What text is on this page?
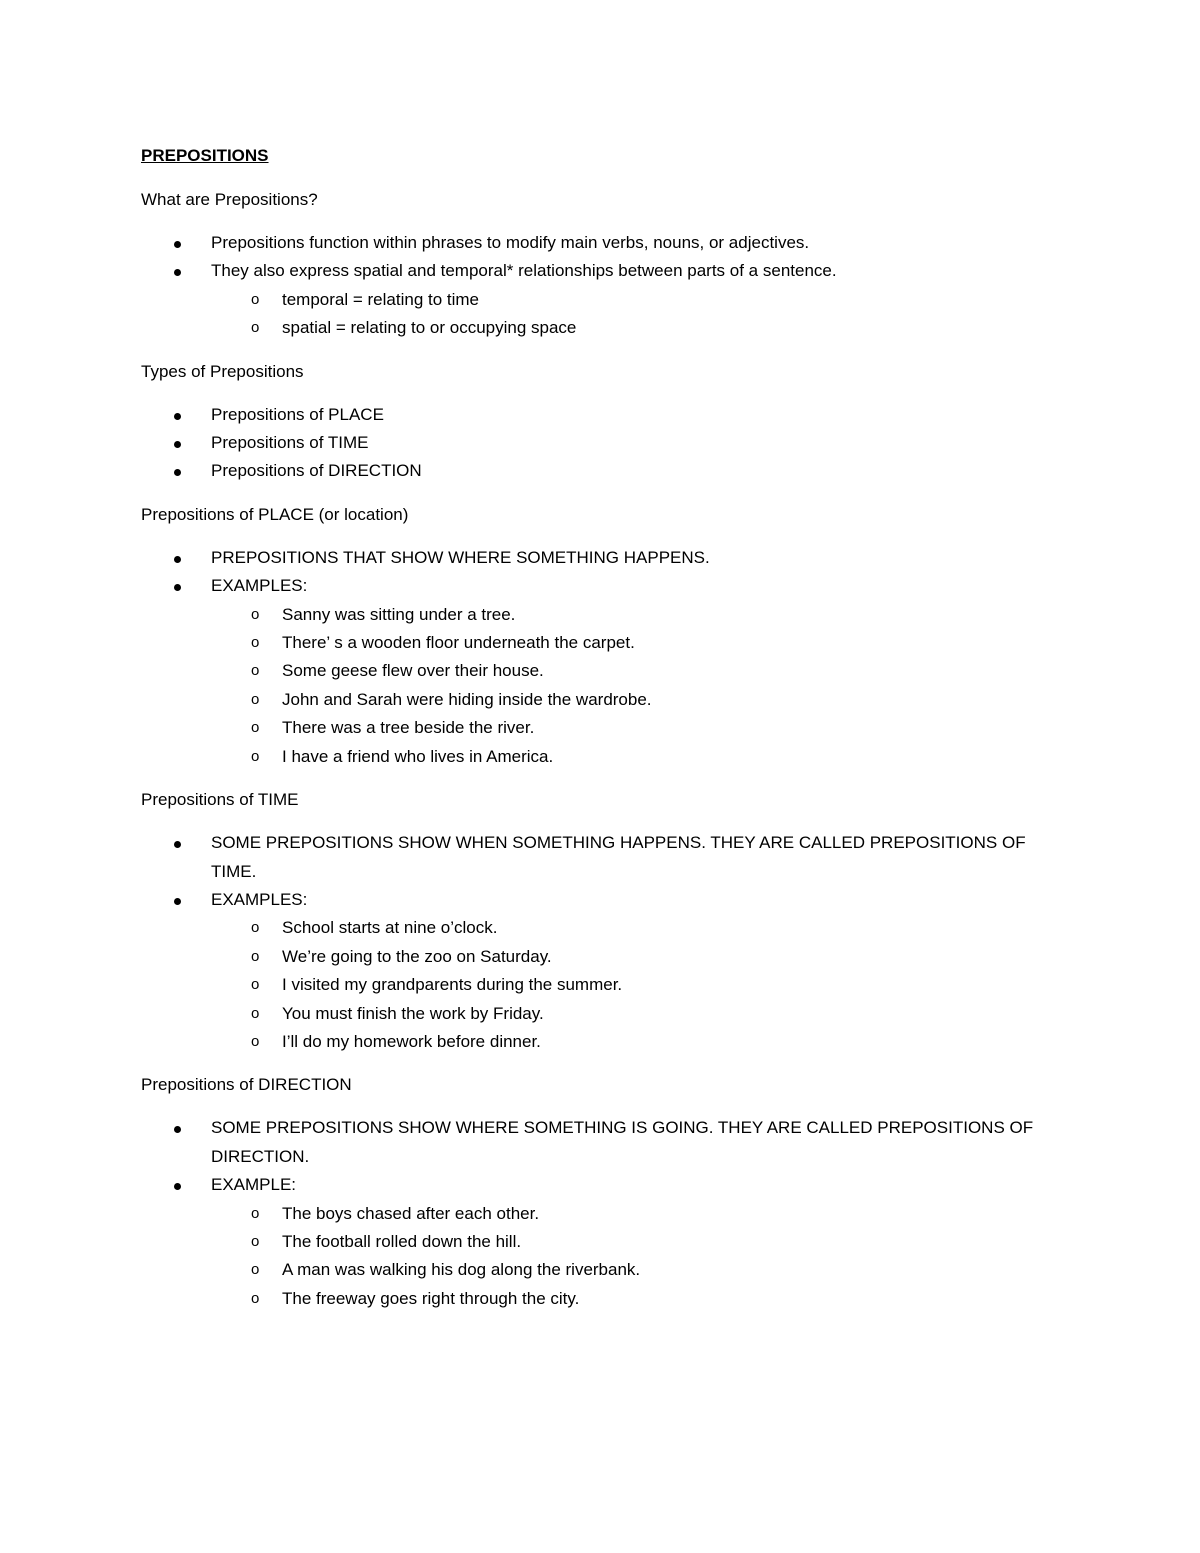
PREPOSITIONS

What are Prepositions?

Prepositions function within phrases to modify main verbs, nouns, or adjectives.
They also express spatial and temporal* relationships between parts of a sentence.
o temporal = relating to time
o spatial = relating to or occupying space

Types of Prepositions

Prepositions of PLACE
Prepositions of TIME
Prepositions of DIRECTION

Prepositions of PLACE (or location)

PREPOSITIONS THAT SHOW WHERE SOMETHING HAPPENS.
EXAMPLES:
o Sanny was sitting under a tree.
o There’ s a wooden floor underneath the carpet.
o Some geese flew over their house.
o John and Sarah were hiding inside the wardrobe.
o There was a tree beside the river.
o I have a friend who lives in America.

Prepositions of TIME

SOME PREPOSITIONS SHOW WHEN SOMETHING HAPPENS. THEY ARE CALLED PREPOSITIONS OF TIME.
EXAMPLES:
o School starts at nine o’clock.
o We’re going to the zoo on Saturday.
o I visited my grandparents during the summer.
o You must finish the work by Friday.
o I’ll do my homework before dinner.

Prepositions of DIRECTION

SOME PREPOSITIONS SHOW WHERE SOMETHING IS GOING. THEY ARE CALLED PREPOSITIONS OF DIRECTION.
EXAMPLE:
o The boys chased after each other.
o The football rolled down the hill.
o A man was walking his dog along the riverbank.
o The freeway goes right through the city.
